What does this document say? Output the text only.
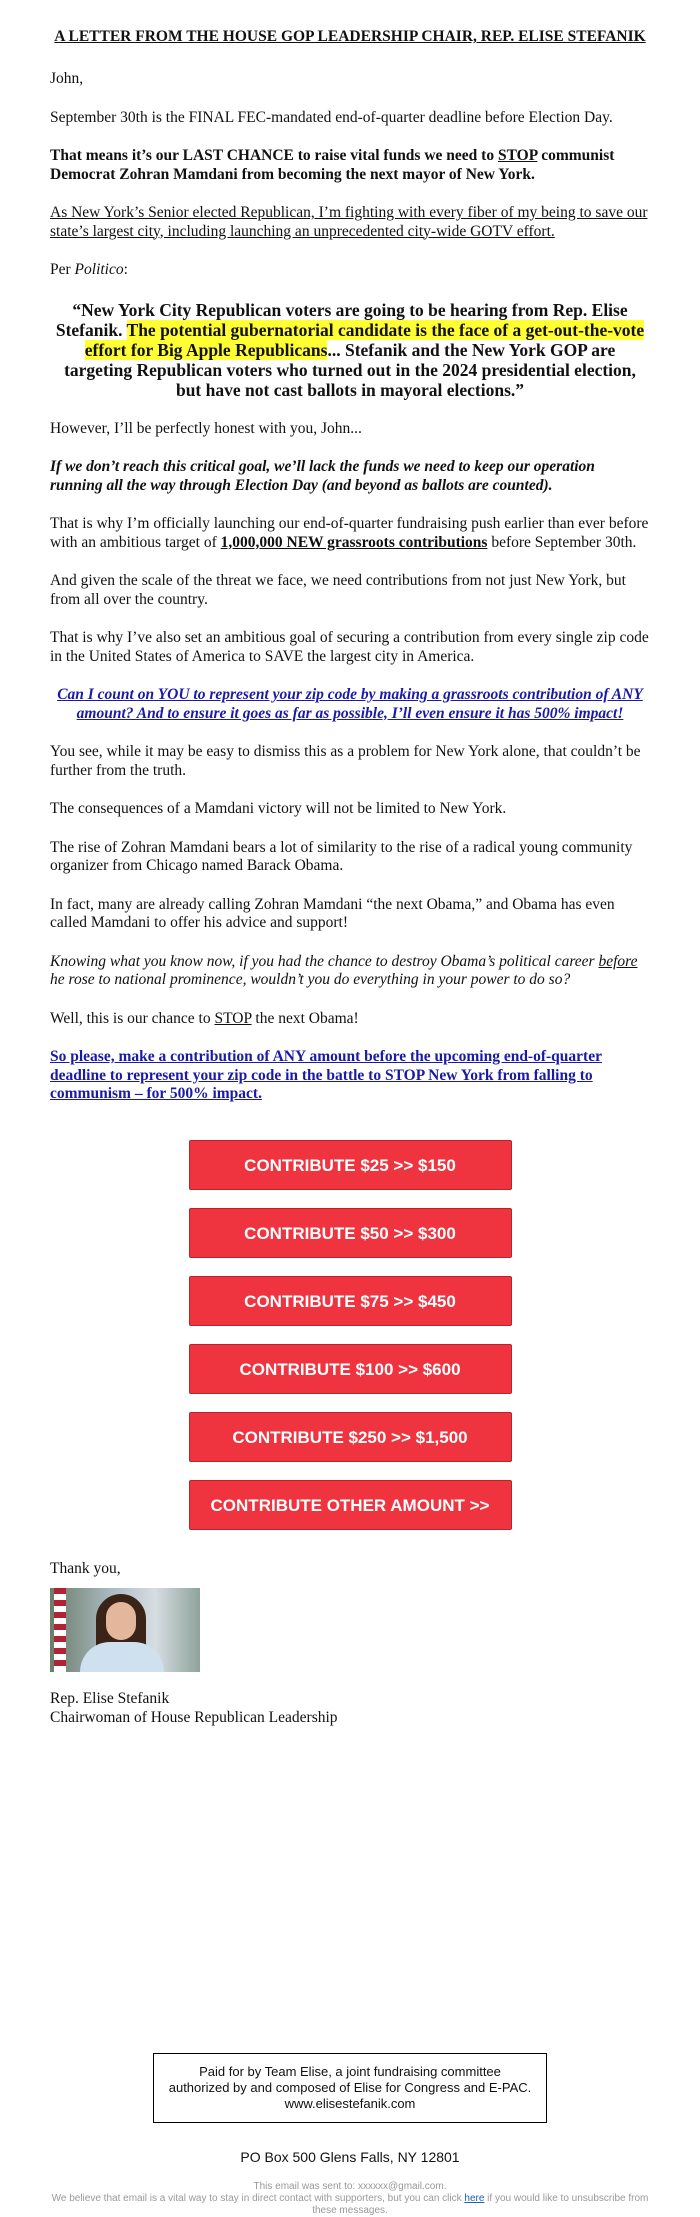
A LETTER FROM THE HOUSE GOP LEADERSHIP CHAIR, REP. ELISE STEFANIK

John,

September 30th is the FINAL FEC-mandated end-of-quarter deadline before Election Day.

That means it’s our LAST CHANCE to raise vital funds we need to STOP communist Democrat Zohran Mamdani from becoming the next mayor of New York.

As New York’s Senior elected Republican, I’m fighting with every fiber of my being to save our state’s largest city, including launching an unprecedented city-wide GOTV effort.

Per Politico:

“New York City Republican voters are going to be hearing from Rep. Elise Stefanik. The potential gubernatorial candidate is the face of a get-out-the-vote effort for Big Apple Republicans... Stefanik and the New York GOP are targeting Republican voters who turned out in the 2024 presidential election, but have not cast ballots in mayoral elections.”

However, I’ll be perfectly honest with you, John...

If we don’t reach this critical goal, we’ll lack the funds we need to keep our operation running all the way through Election Day (and beyond as ballots are counted).

That is why I’m officially launching our end-of-quarter fundraising push earlier than ever before with an ambitious target of 1,000,000 NEW grassroots contributions before September 30th.

And given the scale of the threat we face, we need contributions from not just New York, but from all over the country.

That is why I’ve also set an ambitious goal of securing a contribution from every single zip code in the United States of America to SAVE the largest city in America.

Can I count on YOU to represent your zip code by making a grassroots contribution of ANY amount? And to ensure it goes as far as possible, I’ll even ensure it has 500% impact!

You see, while it may be easy to dismiss this as a problem for New York alone, that couldn’t be further from the truth.

The consequences of a Mamdani victory will not be limited to New York.

The rise of Zohran Mamdani bears a lot of similarity to the rise of a radical young community organizer from Chicago named Barack Obama.

In fact, many are already calling Zohran Mamdani “the next Obama,” and Obama has even called Mamdani to offer his advice and support!

Knowing what you know now, if you had the chance to destroy Obama’s political career before he rose to national prominence, wouldn’t you do everything in your power to do so?

Well, this is our chance to STOP the next Obama!

So please, make a contribution of ANY amount before the upcoming end-of-quarter deadline to represent your zip code in the battle to STOP New York from falling to communism – for 500% impact.

CONTRIBUTE $25 >> $150
CONTRIBUTE $50 >> $300
CONTRIBUTE $75 >> $450
CONTRIBUTE $100 >> $600
CONTRIBUTE $250 >> $1,500
CONTRIBUTE OTHER AMOUNT >>

Thank you,

Rep. Elise Stefanik

Chairwoman of House Republican Leadership

Paid for by Team Elise, a joint fundraising committee authorized by and composed of Elise for Congress and E-PAC. www.elisestefanik.com
PO Box 500 Glens Falls, NY 12801
This email was sent to: xxxxxx@gmail.com.
We believe that email is a vital way to stay in direct contact with supporters, but you can click here if you would like to unsubscribe from these messages.
